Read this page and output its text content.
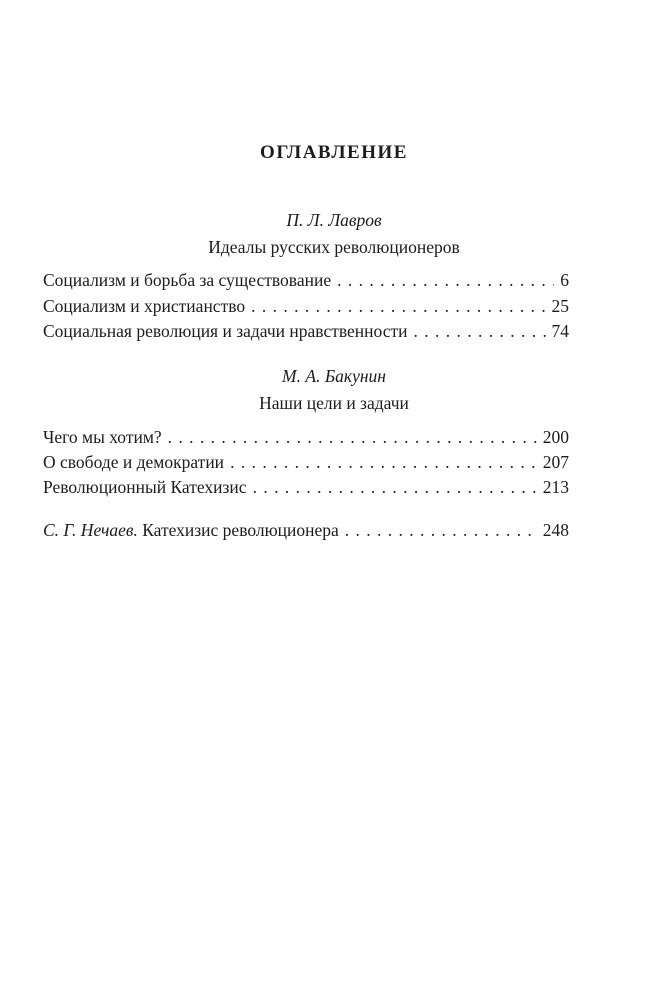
ОГЛАВЛЕНИЕ
П. Л. Лавров
Идеалы русских революционеров
Социализм и борьба за существование . . .	6
Социализм и христианство . . .	25
Социальная революция и задачи нравственности . . .	74
М. А. Бакунин
Наши цели и задачи
Чего мы хотим? . . .	200
О свободе и демократии . . .	207
Революционный Катехизис . . .	213
С. Г. Нечаев. Катехизис революционера . . .	248
